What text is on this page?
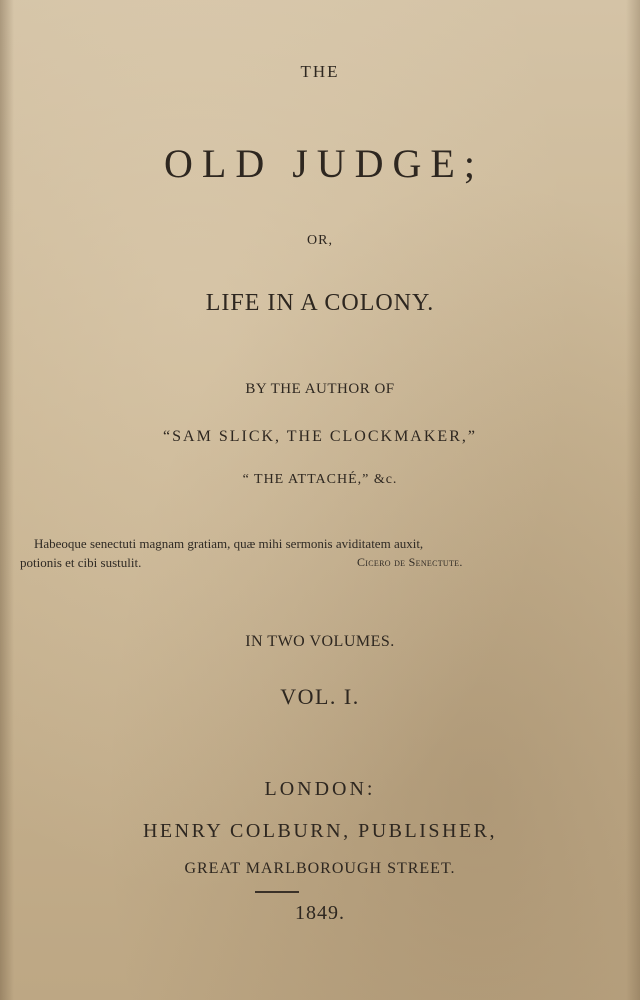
THE

OLD JUDGE;

OR,

LIFE IN A COLONY.

BY THE AUTHOR OF

“SAM SLICK, THE CLOCKMAKER,”

“ THE ATTACHÉ,” &c.

Habeoque senectuti magnam gratiam, quæ mihi sermonis aviditatem auxit,

potionis et cibi sustulit.	Cicero de Senectute.

IN TWO VOLUMES.

VOL. I.

LONDON:

HENRY COLBURN, PUBLISHER,

GREAT MARLBOROUGH STREET.

1849.
